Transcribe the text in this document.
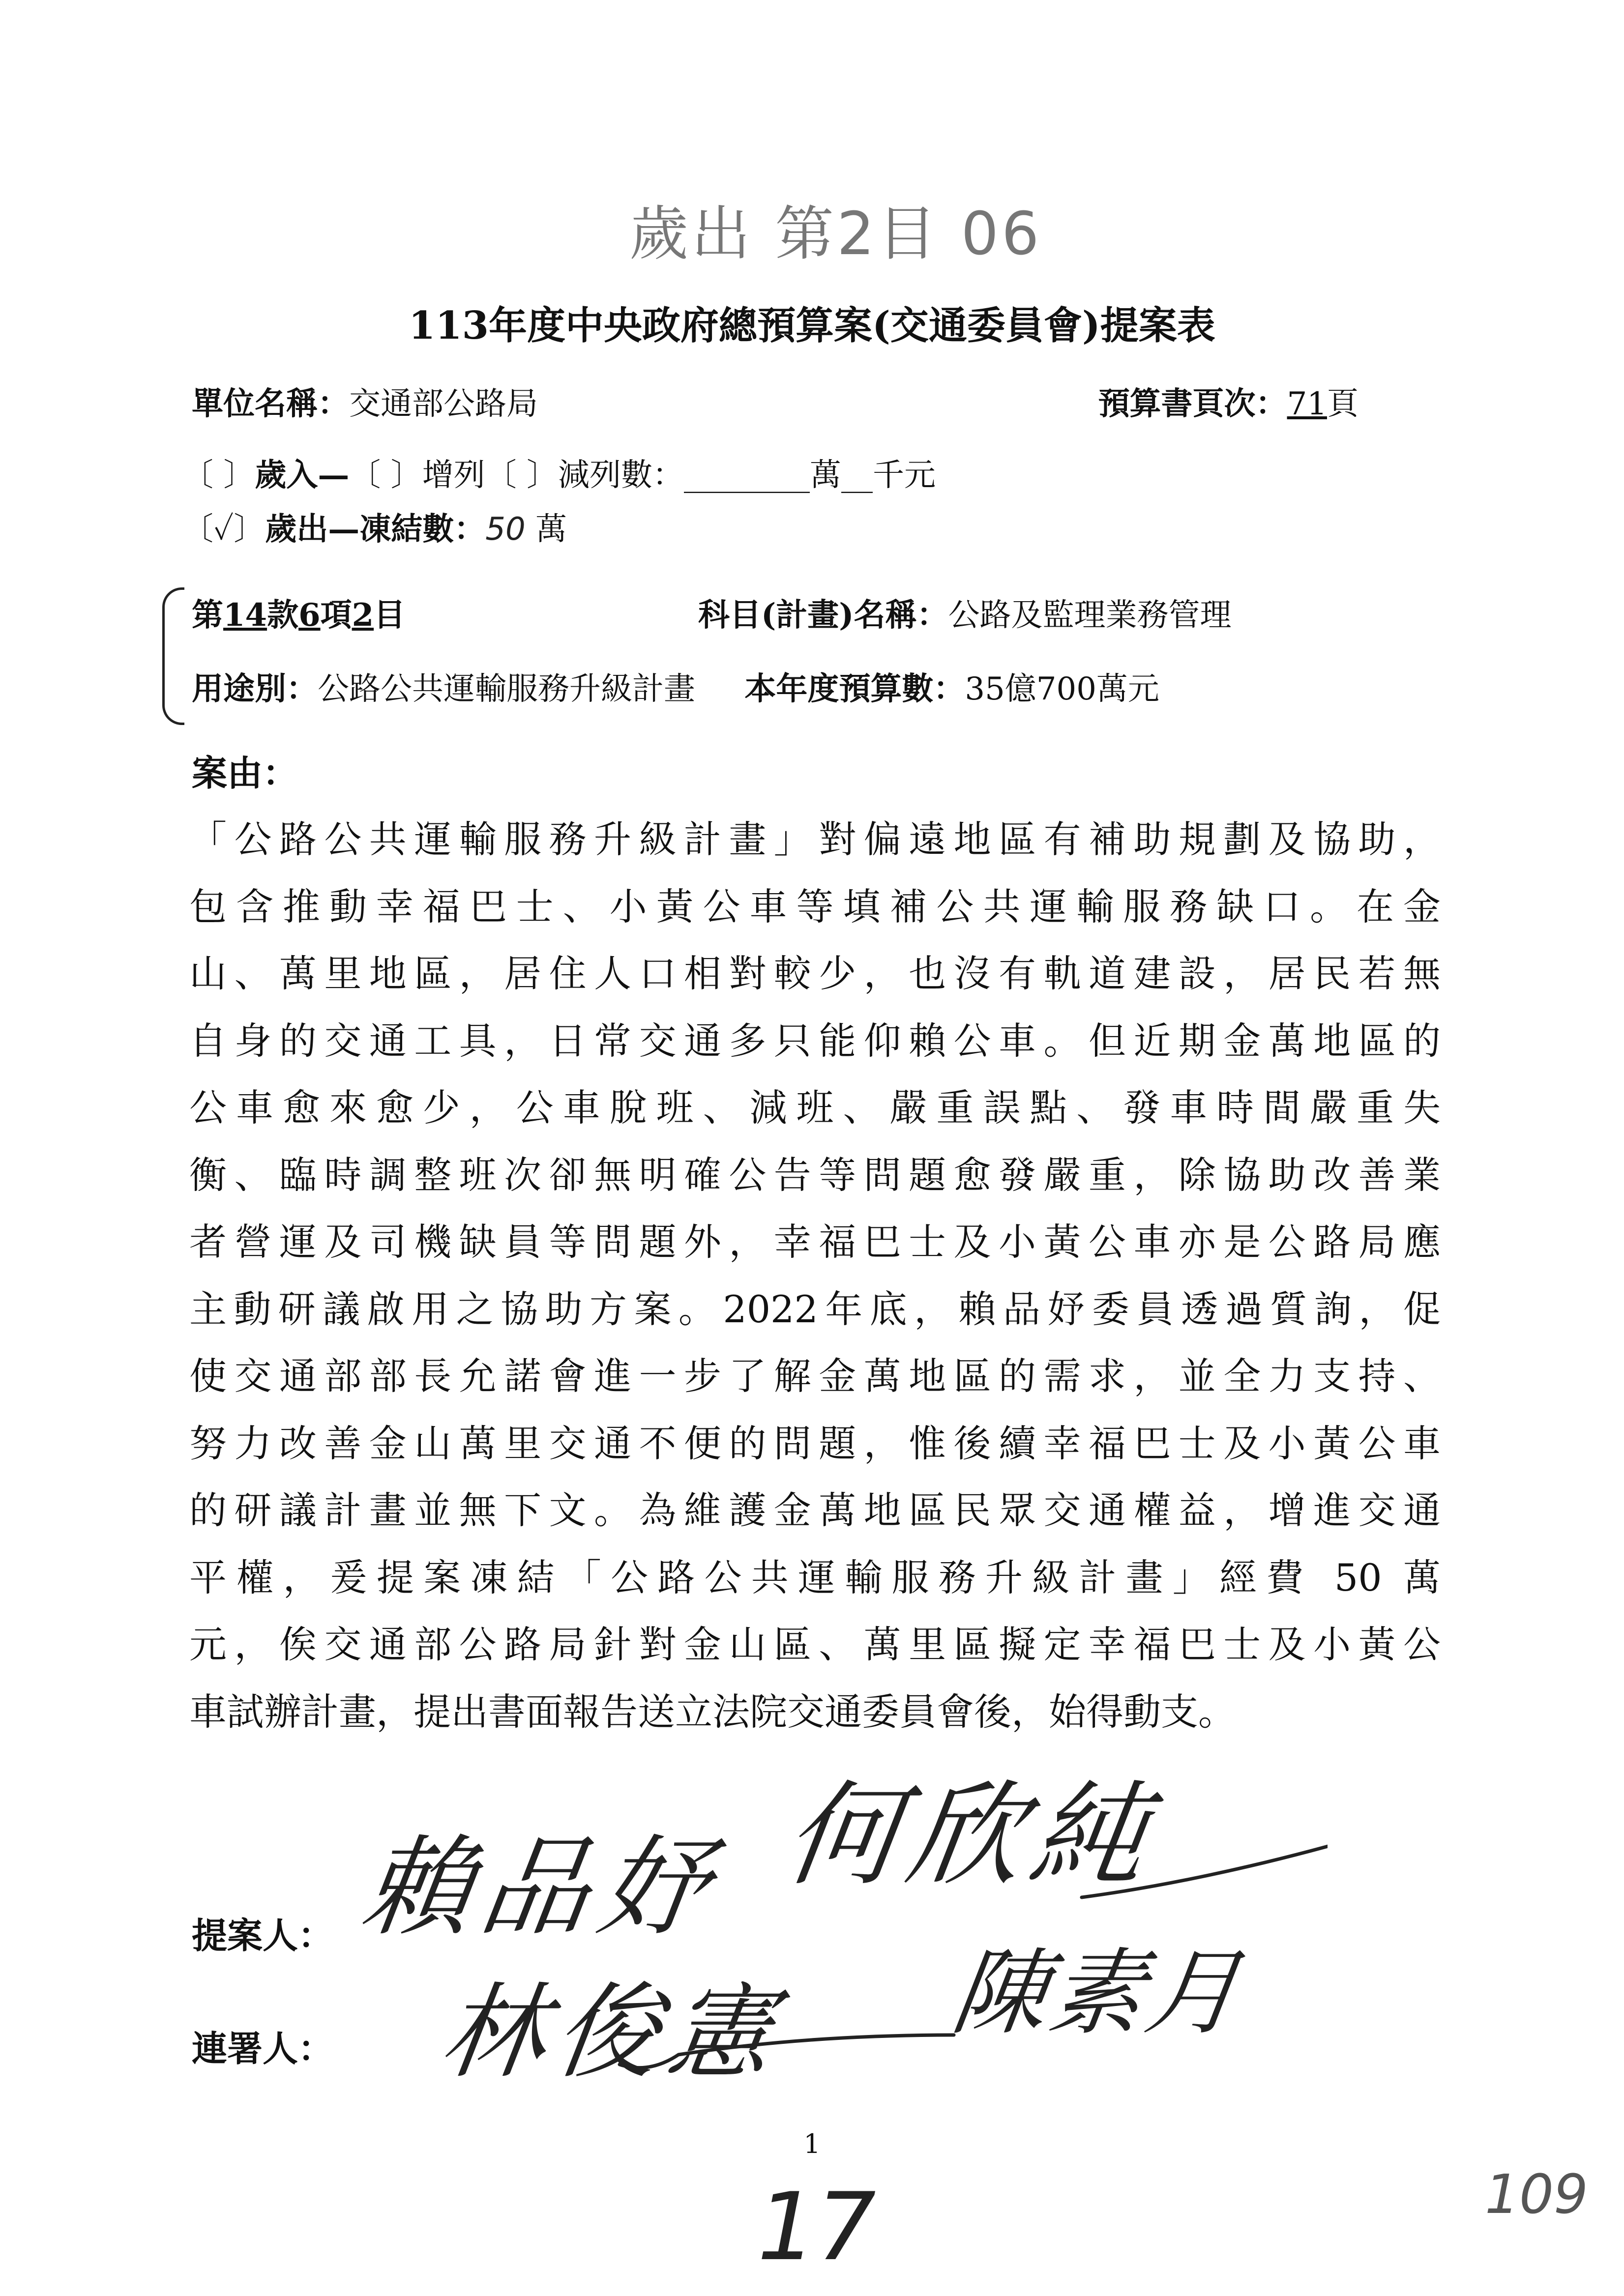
歲出 第2目 06
113年度中央政府總預算案(交通委員會)提案表
單位名稱：交通部公路局	預算書頁次：71頁
〔 〕歲入—〔 〕增列〔 〕減列數：________萬__千元
〔✓〕歲出—凍結數：50 萬
第14款6項2目	科目(計畫)名稱：公路及監理業務管理
用途別：公路公共運輸服務升級計畫 本年度預算數：35億700萬元
案由：
「公路公共運輸服務升級計畫」對偏遠地區有補助規劃及協助，
包含推動幸福巴士、小黃公車等填補公共運輸服務缺口。在金
山、萬里地區，居住人口相對較少，也沒有軌道建設，居民若無
自身的交通工具，日常交通多只能仰賴公車。但近期金萬地區的
公車愈來愈少，公車脫班、減班、嚴重誤點、發車時間嚴重失
衡、臨時調整班次卻無明確公告等問題愈發嚴重，除協助改善業
者營運及司機缺員等問題外，幸福巴士及小黃公車亦是公路局應
主動研議啟用之協助方案。2022年底，賴品妤委員透過質詢，促
使交通部部長允諾會進一步了解金萬地區的需求，並全力支持、
努力改善金山萬里交通不便的問題，惟後續幸福巴士及小黃公車
的研議計畫並無下文。為維護金萬地區民眾交通權益，增進交通
平權，爰提案凍結「公路公共運輸服務升級計畫」經費 50 萬
元，俟交通部公路局針對金山區、萬里區擬定幸福巴士及小黃公
車試辦計畫，提出書面報告送立法院交通委員會後，始得動支。
提案人：
連署人：
賴品妤 何欣純
林俊憲 陳素月
1
17	109
